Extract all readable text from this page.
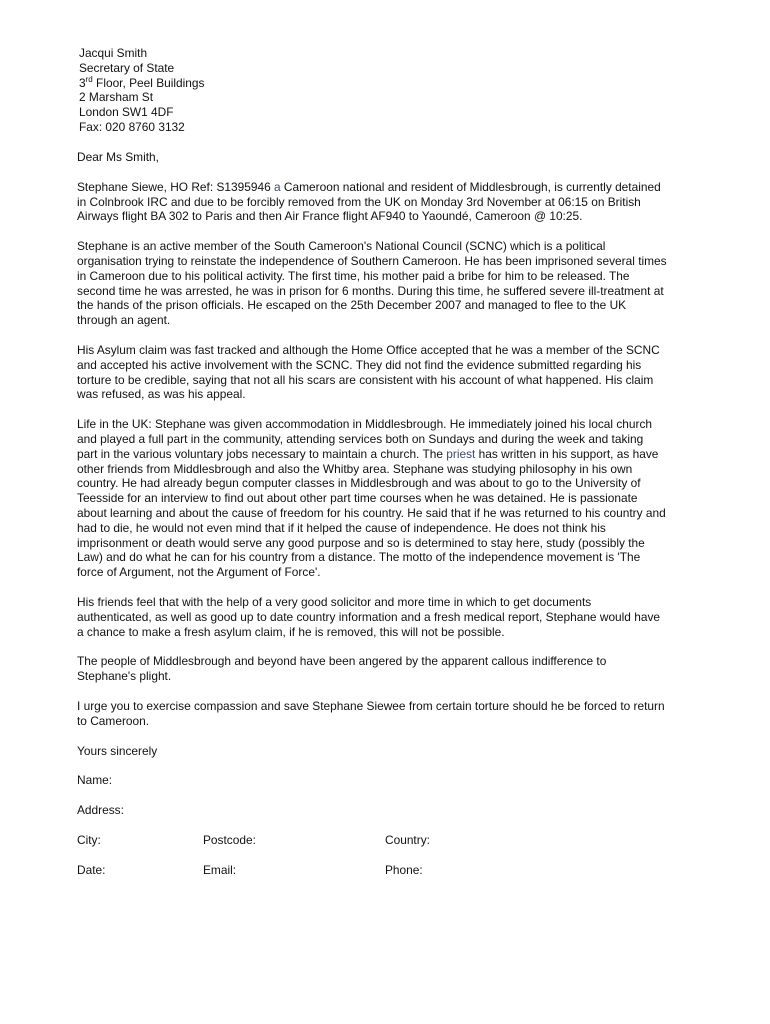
Jacqui Smith
Secretary of State
3rd Floor, Peel Buildings
2 Marsham St
London SW1 4DF
Fax: 020 8760 3132

Dear Ms Smith,

Stephane Siewe, HO Ref: S1395946 a Cameroon national and resident of Middlesbrough, is currently detained in Colnbrook IRC and due to be forcibly removed from the UK on Monday 3rd November at 06:15 on British Airways flight BA 302 to Paris and then Air France flight AF940 to Yaoundé, Cameroon @ 10:25.

Stephane is an active member of the South Cameroon's National Council (SCNC) which is a political organisation trying to reinstate the independence of Southern Cameroon. He has been imprisoned several times in Cameroon due to his political activity. The first time, his mother paid a bribe for him to be released. The second time he was arrested, he was in prison for 6 months. During this time, he suffered severe ill-treatment at the hands of the prison officials. He escaped on the 25th December 2007 and managed to flee to the UK through an agent.

His Asylum claim was fast tracked and although the Home Office accepted that he was a member of the SCNC and accepted his active involvement with the SCNC. They did not find the evidence submitted regarding his torture to be credible, saying that not all his scars are consistent with his account of what happened. His claim was refused, as was his appeal.

Life in the UK: Stephane was given accommodation in Middlesbrough. He immediately joined his local church and played a full part in the community, attending services both on Sundays and during the week and taking part in the various voluntary jobs necessary to maintain a church. The priest has written in his support, as have other friends from Middlesbrough and also the Whitby area. Stephane was studying philosophy in his own country. He had already begun computer classes in Middlesbrough and was about to go to the University of Teesside for an interview to find out about other part time courses when he was detained. He is passionate about learning and about the cause of freedom for his country. He said that if he was returned to his country and had to die, he would not even mind that if it helped the cause of independence. He does not think his imprisonment or death would serve any good purpose and so is determined to stay here, study (possibly the Law) and do what he can for his country from a distance. The motto of the independence movement is 'The force of Argument, not the Argument of Force'.

His friends feel that with the help of a very good solicitor and more time in which to get documents authenticated, as well as good up to date country information and a fresh medical report, Stephane would have a chance to make a fresh asylum claim, if he is removed, this will not be possible.

The people of Middlesbrough and beyond have been angered by the apparent callous indifference to Stephane's plight.

I urge you to exercise compassion and save Stephane Siewee from certain torture should he be forced to return to Cameroon.

Yours sincerely

Name:

Address:

City:	Postcode:	Country:
Date:	Email:	Phone:
